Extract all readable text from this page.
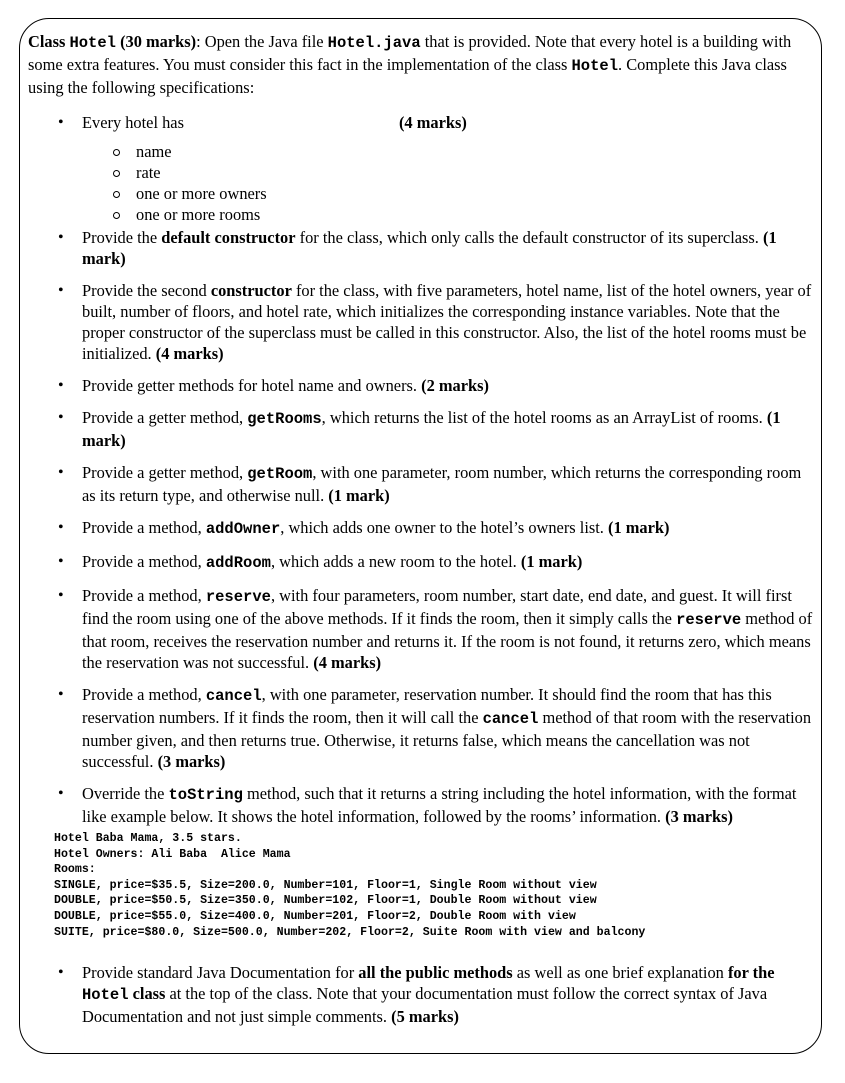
Class Hotel (30 marks): Open the Java file Hotel.java that is provided. Note that every hotel is a building with some extra features. You must consider this fact in the implementation of the class Hotel. Complete this Java class using the following specifications:

• Every hotel has	(4 marks)
name
rate
one or more owners
one or more rooms
• Provide the default constructor for the class, which only calls the default constructor of its superclass. (1 mark)
• Provide the second constructor for the class, with five parameters, hotel name, list of the hotel owners, year of built, number of floors, and hotel rate, which initializes the corresponding instance variables. Note that the proper constructor of the superclass must be called in this constructor. Also, the list of the hotel rooms must be initialized. (4 marks)
• Provide getter methods for hotel name and owners. (2 marks)
• Provide a getter method, getRooms, which returns the list of the hotel rooms as an ArrayList of rooms. (1 mark)
• Provide a getter method, getRoom, with one parameter, room number, which returns the corresponding room as its return type, and otherwise null. (1 mark)
• Provide a method, addOwner, which adds one owner to the hotel’s owners list. (1 mark)
• Provide a method, addRoom, which adds a new room to the hotel. (1 mark)
• Provide a method, reserve, with four parameters, room number, start date, end date, and guest. It will first find the room using one of the above methods. If it finds the room, then it simply calls the reserve method of that room, receives the reservation number and returns it. If the room is not found, it returns zero, which means the reservation was not successful. (4 marks)
• Provide a method, cancel, with one parameter, reservation number. It should find the room that has this reservation numbers. If it finds the room, then it will call the cancel method of that room with the reservation number given, and then returns true. Otherwise, it returns false, which means the cancellation was not successful. (3 marks)
• Override the toString method, such that it returns a string including the hotel information, with the format like example below. It shows the hotel information, followed by the rooms’ information. (3 marks)
Hotel Baba Mama, 3.5 stars.
Hotel Owners: Ali Baba  Alice Mama
Rooms:
SINGLE, price=$35.5, Size=200.0, Number=101, Floor=1, Single Room without view
DOUBLE, price=$50.5, Size=350.0, Number=102, Floor=1, Double Room without view
DOUBLE, price=$55.0, Size=400.0, Number=201, Floor=2, Double Room with view
SUITE, price=$80.0, Size=500.0, Number=202, Floor=2, Suite Room with view and balcony
• Provide standard Java Documentation for all the public methods as well as one brief explanation for the Hotel class at the top of the class. Note that your documentation must follow the correct syntax of Java Documentation and not just simple comments. (5 marks)
